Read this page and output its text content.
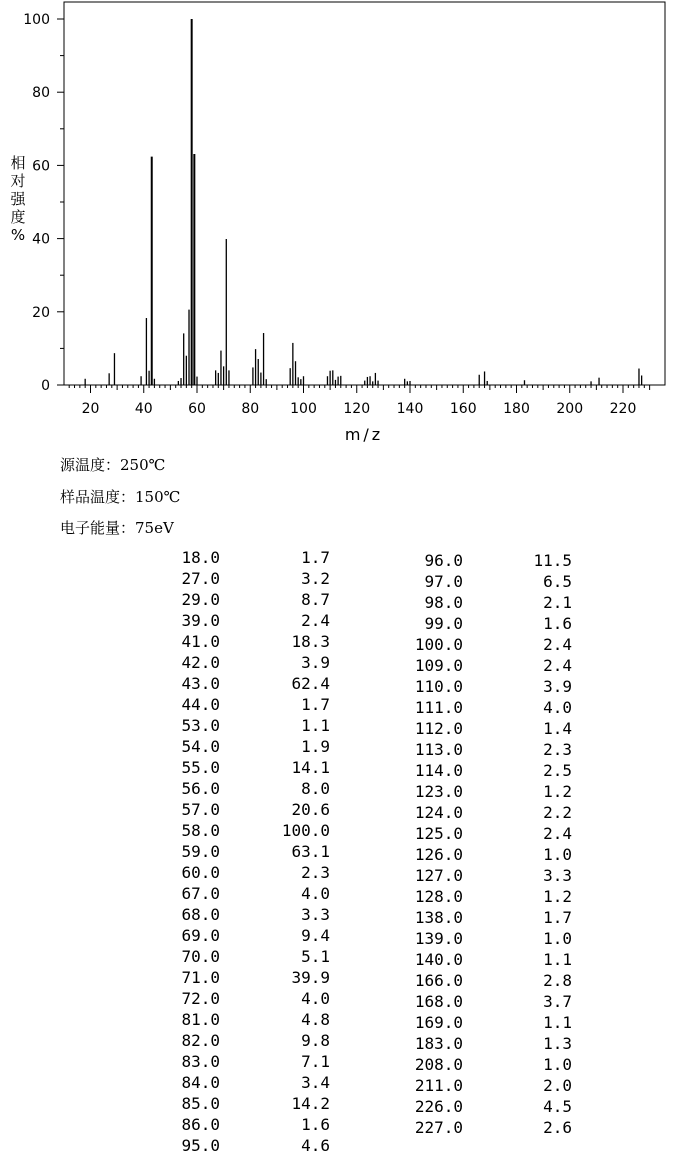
0
20
40
60
80
100
20	40	60	80 100 120 140 160 180 200 220
m/z
相对强度%
源温度：250℃
样品温度：150℃
电子能量：75eV
18.0	1.7
27.0	3.2
29.0	8.7
39.0	2.4
41.0	18.3
42.0	3.9
43.0	62.4
44.0	1.7
53.0	1.1
54.0	1.9
55.0	14.1
56.0	8.0
57.0	20.6
58.0	100.0
59.0	63.1
60.0	2.3
67.0	4.0
68.0	3.3
69.0	9.4
70.0	5.1
71.0	39.9
72.0	4.0
81.0	4.8
82.0	9.8
83.0	7.1
84.0	3.4
85.0	14.2
86.0	1.6
95.0	4.6
96.0	11.5
97.0	6.5
98.0	2.1
99.0	1.6
100.0	2.4
109.0	2.4
110.0	3.9
111.0	4.0
112.0	1.4
113.0	2.3
114.0	2.5
123.0	1.2
124.0	2.2
125.0	2.4
126.0	1.0
127.0	3.3
128.0	1.2
138.0	1.7
139.0	1.0
140.0	1.1
166.0	2.8
168.0	3.7
169.0	1.1
183.0	1.3
208.0	1.0
211.0	2.0
226.0	4.5
227.0	2.6
